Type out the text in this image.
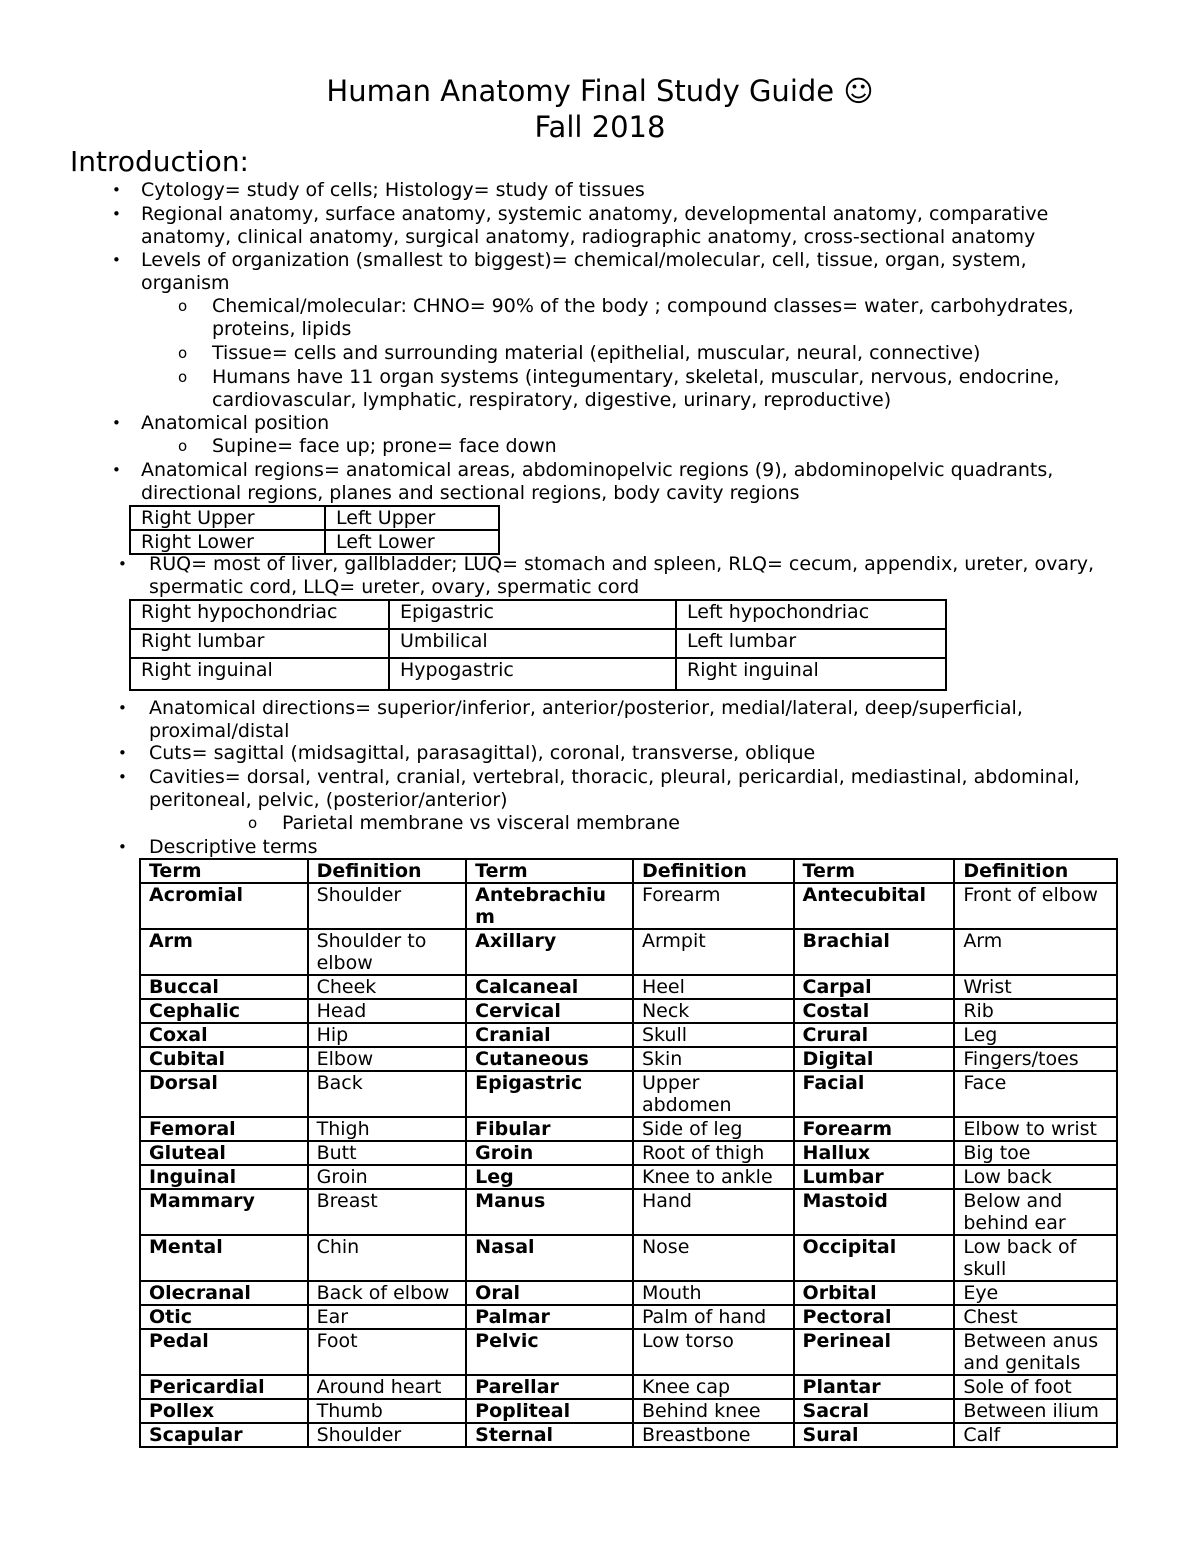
Human Anatomy Final Study Guide ☺
Fall 2018
Introduction:
• Cytology= study of cells; Histology= study of tissues
• Regional anatomy, surface anatomy, systemic anatomy, developmental anatomy, comparative
anatomy, clinical anatomy, surgical anatomy, radiographic anatomy, cross-sectional anatomy
• Levels of organization (smallest to biggest)= chemical/molecular, cell, tissue, organ, system,
organism
o Chemical/molecular: CHNO= 90% of the body ; compound classes= water, carbohydrates,
proteins, lipids
o Tissue= cells and surrounding material (epithelial, muscular, neural, connective)
o Humans have 11 organ systems (integumentary, skeletal, muscular, nervous, endocrine,
cardiovascular, lymphatic, respiratory, digestive, urinary, reproductive)
• Anatomical position
o Supine= face up; prone= face down
• Anatomical regions= anatomical areas, abdominopelvic regions (9), abdominopelvic quadrants,
directional regions, planes and sectional regions, body cavity regions
Right Upper	Left Upper
Right Lower	Left Lower
• RUQ= most of liver, gallbladder; LUQ= stomach and spleen, RLQ= cecum, appendix, ureter, ovary,
spermatic cord, LLQ= ureter, ovary, spermatic cord
Right hypochondriac	Epigastric	Left hypochondriac
Right lumbar	Umbilical	Left lumbar
Right inguinal	Hypogastric	Right inguinal
• Anatomical directions= superior/inferior, anterior/posterior, medial/lateral, deep/superficial,
proximal/distal
• Cuts= sagittal (midsagittal, parasagittal), coronal, transverse, oblique
• Cavities= dorsal, ventral, cranial, vertebral, thoracic, pleural, pericardial, mediastinal, abdominal,
peritoneal, pelvic, (posterior/anterior)
o Parietal membrane vs visceral membrane
• Descriptive terms
Term	Definition	Term	Definition	Term	Definition
Acromial	Shoulder	Antebrachiu m	Forearm	Antecubital	Front of elbow
Arm	Shoulder to elbow	Axillary	Armpit	Brachial	Arm
Buccal	Cheek	Calcaneal	Heel	Carpal	Wrist
Cephalic	Head	Cervical	Neck	Costal	Rib
Coxal	Hip	Cranial	Skull	Crural	Leg
Cubital	Elbow	Cutaneous	Skin	Digital	Fingers/toes
Dorsal	Back	Epigastric	Upper abdomen	Facial	Face
Femoral	Thigh	Fibular	Side of leg	Forearm	Elbow to wrist
Gluteal	Butt	Groin	Root of thigh	Hallux	Big toe
Inguinal	Groin	Leg	Knee to ankle	Lumbar	Low back
Mammary	Breast	Manus	Hand	Mastoid	Below and behind ear
Mental	Chin	Nasal	Nose	Occipital	Low back of skull
Olecranal	Back of elbow	Oral	Mouth	Orbital	Eye
Otic	Ear	Palmar	Palm of hand	Pectoral	Chest
Pedal	Foot	Pelvic	Low torso	Perineal	Between anus and genitals
Pericardial	Around heart	Parellar	Knee cap	Plantar	Sole of foot
Pollex	Thumb	Popliteal	Behind knee	Sacral	Between ilium
Scapular	Shoulder	Sternal	Breastbone	Sural	Calf
